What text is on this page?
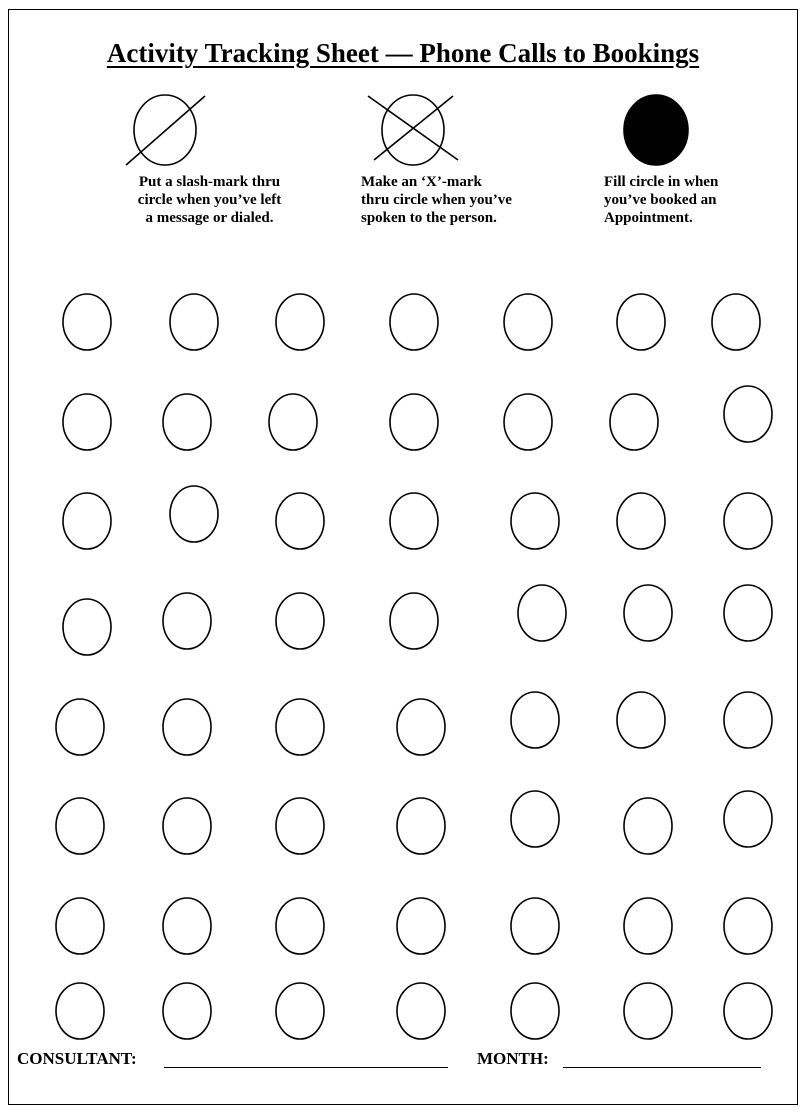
Activity Tracking Sheet — Phone Calls to Bookings
Put a slash-mark thru
circle when you’ve left
a message or dialed.
Make an ‘X’-mark
thru circle when you’ve
spoken to the person.
Fill circle in when
you’ve booked an
Appointment.
CONSULTANT:	MONTH:
